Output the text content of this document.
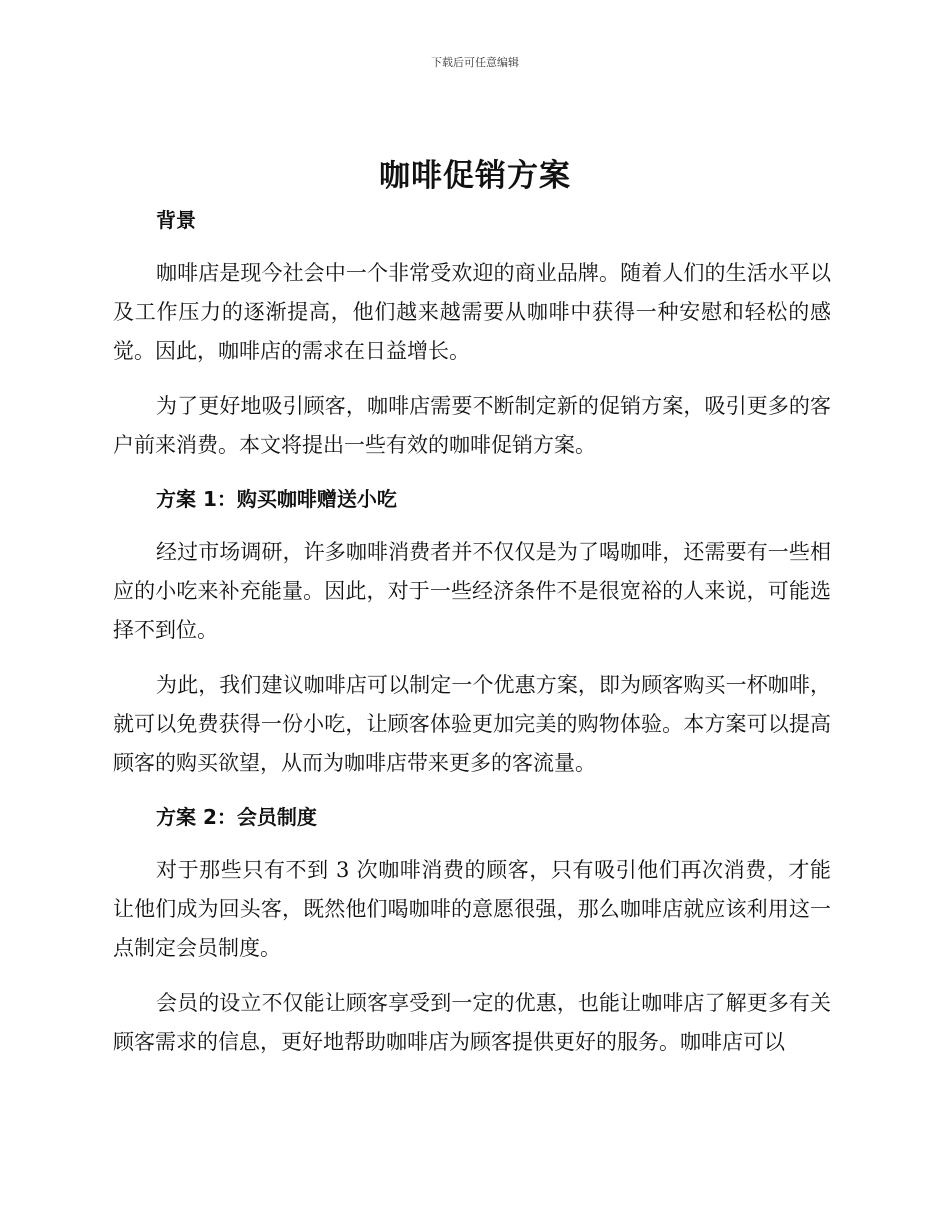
下载后可任意编辑
咖啡促销方案
背景

咖啡店是现今社会中一个非常受欢迎的商业品牌。随着人们的生活水平以及工作压力的逐渐提高，他们越来越需要从咖啡中获得一种安慰和轻松的感觉。因此，咖啡店的需求在日益增长。

为了更好地吸引顾客，咖啡店需要不断制定新的促销方案，吸引更多的客户前来消费。本文将提出一些有效的咖啡促销方案。

方案 1：购买咖啡赠送小吃

经过市场调研，许多咖啡消费者并不仅仅是为了喝咖啡，还需要有一些相应的小吃来补充能量。因此，对于一些经济条件不是很宽裕的人来说，可能选择不到位。

为此，我们建议咖啡店可以制定一个优惠方案，即为顾客购买一杯咖啡，就可以免费获得一份小吃，让顾客体验更加完美的购物体验。本方案可以提高顾客的购买欲望，从而为咖啡店带来更多的客流量。

方案 2：会员制度

对于那些只有不到 3 次咖啡消费的顾客，只有吸引他们再次消费，才能让他们成为回头客，既然他们喝咖啡的意愿很强，那么咖啡店就应该利用这一点制定会员制度。

会员的设立不仅能让顾客享受到一定的优惠，也能让咖啡店了解更多有关顾客需求的信息，更好地帮助咖啡店为顾客提供更好的服务。咖啡店可以
